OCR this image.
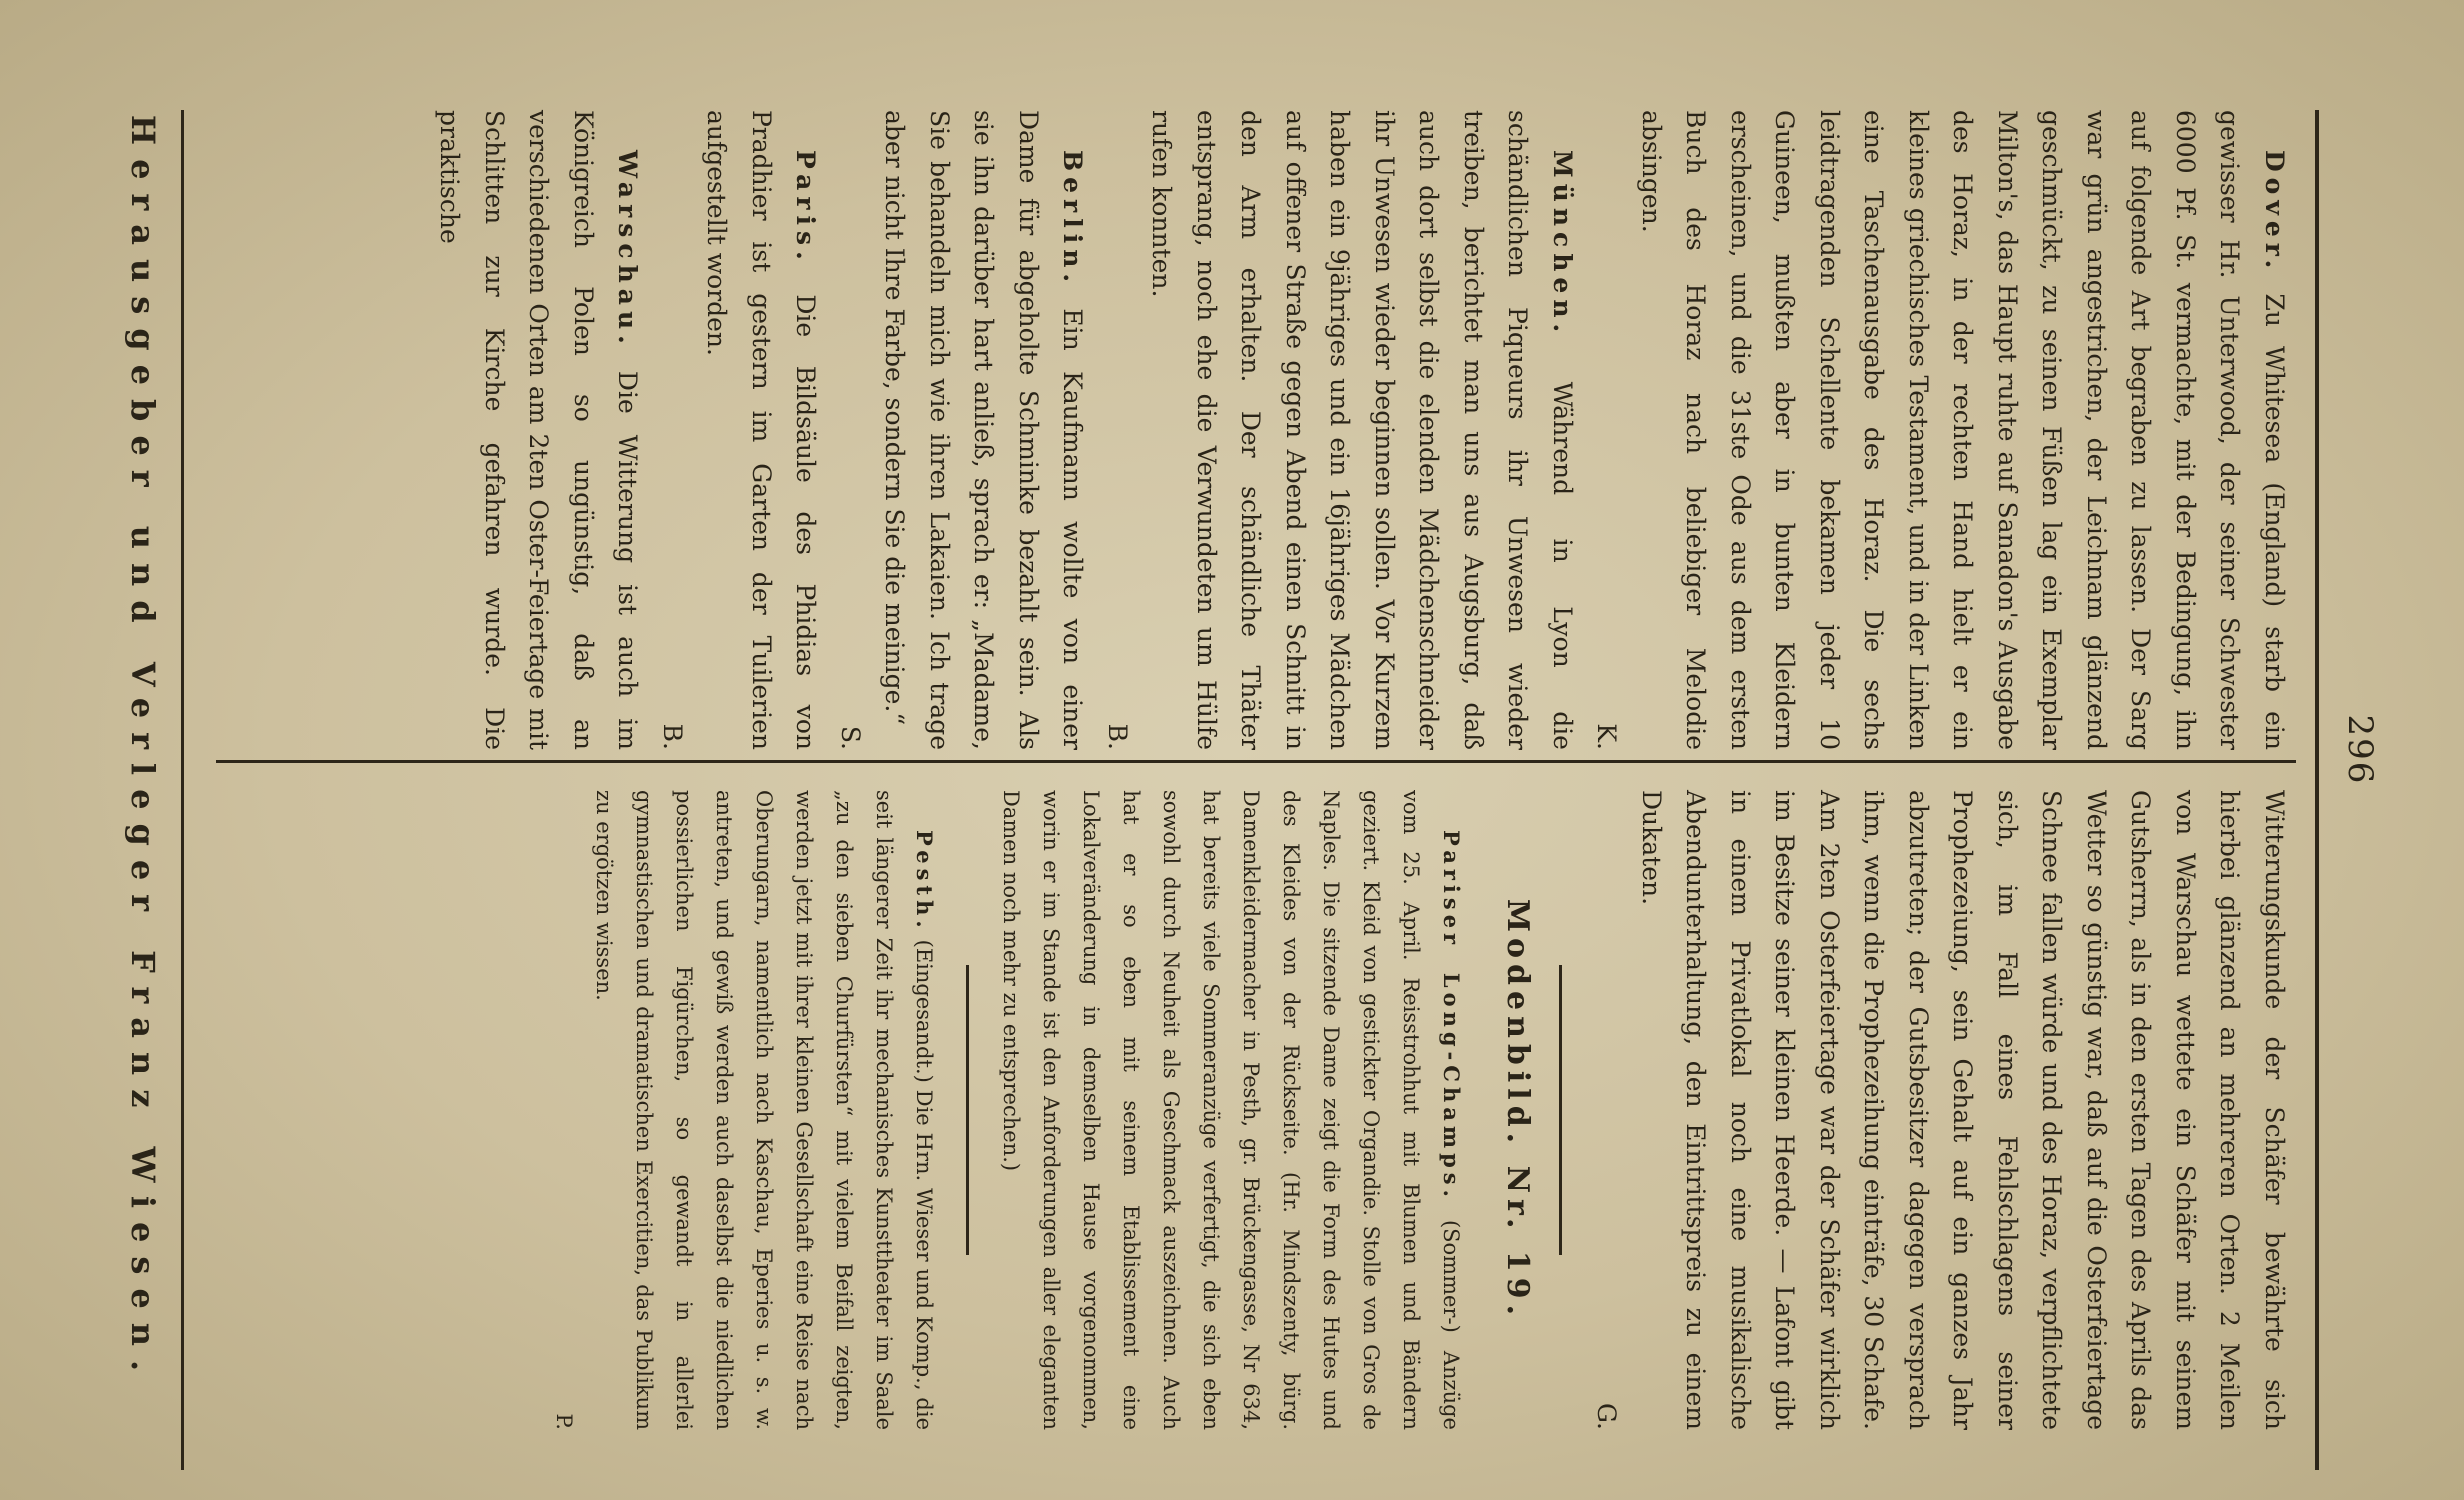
296

Dover. Zu Whitesea (England) starb ein gewisser Hr. Unterwood, der seiner Schwester 6000 Pf. St. vermachte, mit der Bedingung, ihn auf folgende Art begraben zu lassen. Der Sarg war grün angestrichen, der Leichnam glänzend geschmückt, zu seinen Füßen lag ein Exemplar Milton's, das Haupt ruhte auf Sanadon's Ausgabe des Horaz, in der rechten Hand hielt er ein kleines griechisches Testament, und in der Linken eine Taschenausgabe des Horaz. Die sechs leidtragenden Schellente bekamen jeder 10 Guineen, mußten aber in bunten Kleidern erscheinen, und die 31ste Ode aus dem ersten Buch des Horaz nach beliebiger Melodie absingen.

K.

München. Während in Lyon die schändlichen Piqueurs ihr Unwesen wieder treiben, berichtet man uns aus Augsburg, daß auch dort selbst die elenden Mädchenschneider ihr Unwesen wieder beginnen sollen. Vor Kurzem haben ein 9jähriges und ein 16jähriges Mädchen auf offener Straße gegen Abend einen Schnitt in den Arm erhalten. Der schändliche Thäter entsprang, noch ehe die Verwundeten um Hülfe rufen konnten.

B.

Berlin. Ein Kaufmann wollte von einer Dame für abgeholte Schminke bezahlt sein. Als sie ihn darüber hart anließ, sprach er: „Madame, Sie behandeln mich wie ihren Lakaien. Ich trage aber nicht Ihre Farbe, sondern Sie die meinige.“

S.

Paris. Die Bildsäule des Phidias von Pradhier ist gestern im Garten der Tuilerien aufgestellt worden.

B.

Warschau. Die Witterung ist auch im Königreich Polen so ungünstig, daß an verschiedenen Orten am 2ten Oster-Feiertage mit Schlitten zur Kirche gefahren wurde. Die praktische

Witterungskunde der Schäfer bewährte sich hierbei glänzend an mehreren Orten. 2 Meilen von Warschau wettete ein Schäfer mit seinem Gutsherrn, als in den ersten Tagen des Aprils das Wetter so günstig war, daß auf die Osterfeiertage Schnee fallen würde und des Horaz, verpflichtete sich, im Fall eines Fehlschlagens seiner Prophezeiung, sein Gehalt auf ein ganzes Jahr abzutreten; der Gutsbesitzer dagegen versprach ihm, wenn die Prophezeihung einträfe, 30 Schafe. Am 2ten Osterfeiertage war der Schäfer wirklich im Besitze seiner kleinen Heerde. — Lafont gibt in einem Privatlokal noch eine musikalische Abendunterhaltung, den Eintrittspreis zu einem Dukaten.

G.

Modenbild. Nr. 19.

Pariser Long-Champs. (Sommer-) Anzüge vom 25. April. Reisstrohhut mit Blumen und Bändern geziert. Kleid von gestickter Organdie. Stolle von Gros de Naples. Die sitzende Dame zeigt die Form des Hutes und des Kleides von der Rückseite. (Hr. Mindszenty, bürg. Damenkleidermacher in Pesth, gr. Brückengasse, Nr 634, hat bereits viele Sommeranzüge verfertigt, die sich eben sowohl durch Neuheit als Geschmack auszeichnen. Auch hat er so eben mit seinem Etablissement eine Lokalveränderung in demselben Hause vorgenommen, worin er im Stande ist den Anforderungen aller eleganten Damen noch mehr zu entsprechen.)

Pesth. (Eingesandt.) Die Hrn. Wieser und Komp., die seit längerer Zeit ihr mechanisches Kunsttheater im Saale „zu den sieben Churfürsten“ mit vielem Beifall zeigten, werden jetzt mit ihrer kleinen Gesellschaft eine Reise nach Oberungarn, namentlich nach Kaschau, Eperies u. s. w. antreten, und gewiß werden auch daselbst die niedlichen possierlichen Figürchen, so gewandt in allerlei gymnastischen und dramatischen Exercitien, das Publikum zu ergötzen wissen.

P.

Herausgeber und Verleger Franz Wiesen.
